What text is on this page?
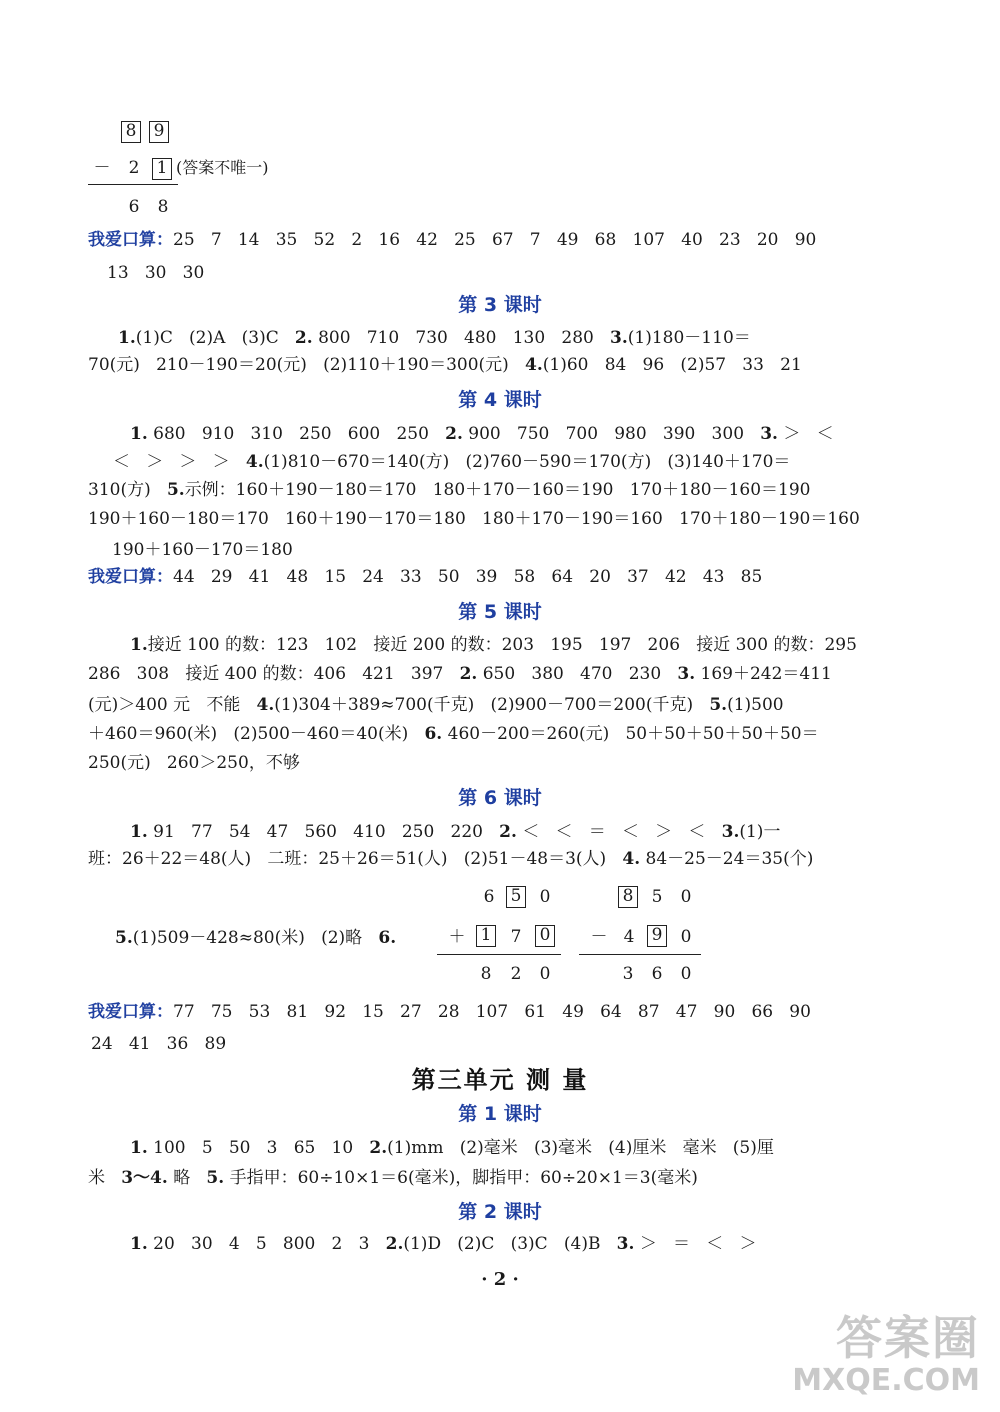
8 9
－ 2 1 (答案不唯一)
6 8
我爱口算：25   7   14   35   52   2   16   42   25   67   7   49   68   107   40   23   20   90
13   30   30
第 3 课时
1.(1)C   (2)A   (3)C   2. 800   710   730   480   130   280   3.(1)180－110＝
70(元)   210－190＝20(元)   (2)110＋190＝300(元)   4.(1)60   84   96   (2)57   33   21
第 4 课时
1. 680   910   310   250   600   250   2. 900   750   700   980   390   300   3. ＞   ＜
＜   ＞   ＞   ＞   4.(1)810－670＝140(方)   (2)760－590＝170(方)   (3)140＋170＝
310(方)   5.示例：160＋190－180＝170   180＋170－160＝190   170＋180－160＝190
190＋160－180＝170   160＋190－170＝180   180＋170－190＝160   170＋180－190＝160
190＋160－170＝180
我爱口算：44   29   41   48   15   24   33   50   39   58   64   20   37   42   43   85
第 5 课时
1.接近 100 的数：123   102   接近 200 的数：203   195   197   206   接近 300 的数：295
286   308   接近 400 的数：406   421   397   2. 650   380   470   230   3. 169＋242＝411
(元)＞400 元   不能   4.(1)304＋389≈700(千克)   (2)900－700＝200(千克)   5.(1)500
＋460＝960(米)   (2)500－460＝40(米)   6. 460－200＝260(元)   50＋50＋50＋50＋50＝
250(元)   260＞250，不够
第 6 课时
1. 91   77   54   47   560   410   250   220   2. ＜   ＜   ＝   ＜   ＞   ＜   3.(1)一
班：26＋22＝48(人)   二班：25＋26＝51(人)   (2)51－48＝3(人)   4. 84－25－24＝35(个)
6 5 0
5.(1)509－428≈80(米)   (2)略   6.	＋ 1 7 0
8 2 0
8 5 0
－ 4 9 0
3 6 0
我爱口算：77   75   53   81   92   15   27   28   107   61   49   64   87   47   90   66   90
24   41   36   89
第三单元 测 量
第 1 课时
1. 100   5   50   3   65   10   2.(1)mm   (2)毫米   (3)毫米   (4)厘米   毫米   (5)厘
米   3～4. 略   5. 手指甲：60÷10×1＝6(毫米)，脚指甲：60÷20×1＝3(毫米)
第 2 课时
1. 20   30   4   5   800   2   3   2.(1)D   (2)C   (3)C   (4)B   3. ＞   ＝   ＜   ＞
· 2 ·
答案圈
MXQE.COM
